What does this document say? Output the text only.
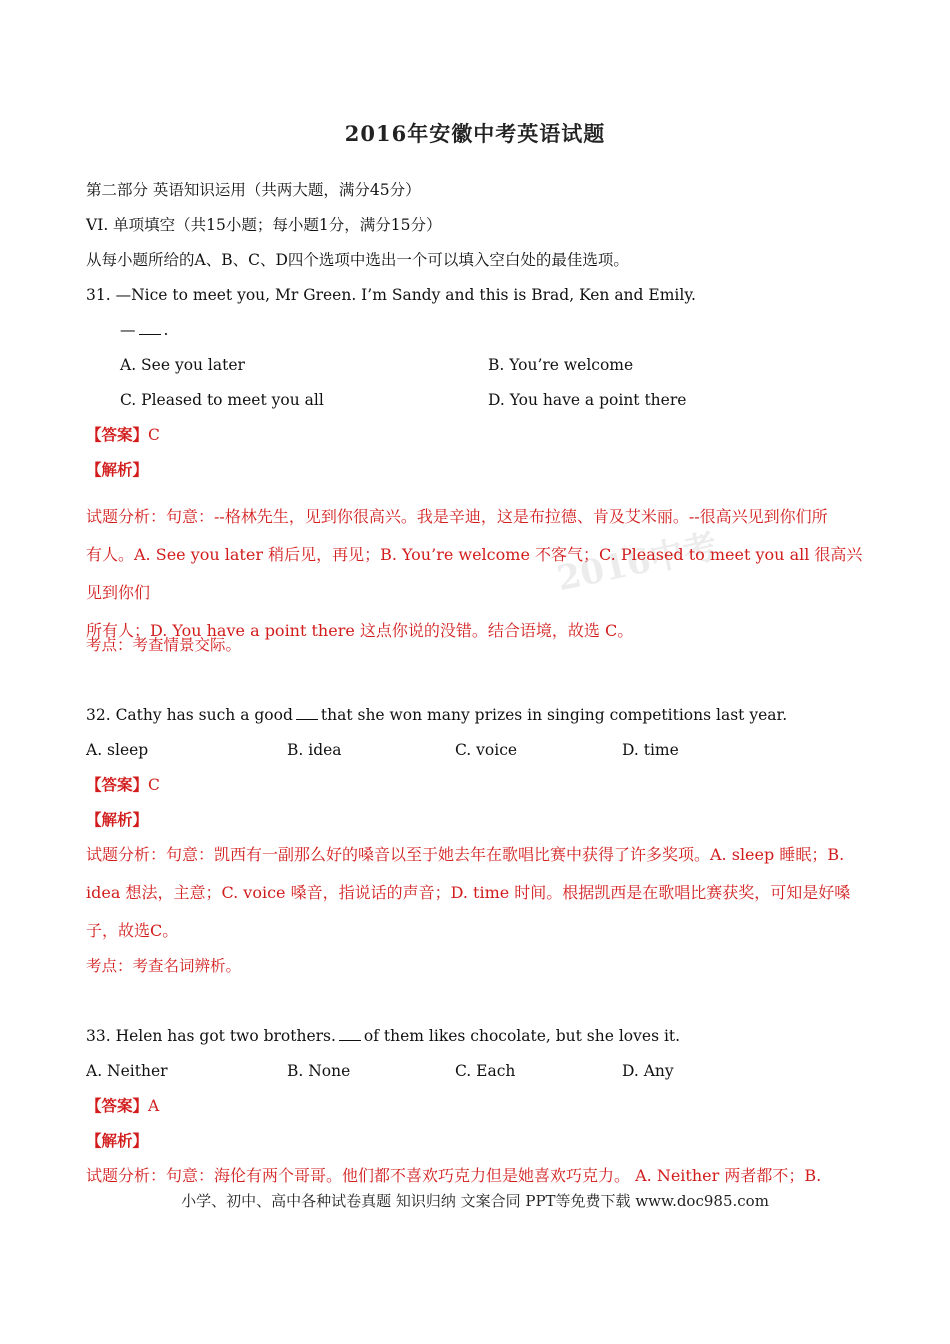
2016中考
2016年安徽中考英语试题
第二部分 英语知识运用（共两大题，满分45分）
VI. 单项填空（共15小题；每小题1分，满分15分）
从每小题所给的A、B、C、D四个选项中选出一个可以填入空白处的最佳选项。
31. —Nice to meet you, Mr Green. I’m Sandy and this is Brad, Ken and Emily.
— .
A. See you later	B. You’re welcome
C. Pleased to meet you all	D. You have a point there
【答案】C
【解析】
试题分析：句意：--格林先生，见到你很高兴。我是辛迪，这是布拉德、肯及艾米丽。--很高兴见到你们所
有人。A. See you later 稍后见，再见；B. You’re welcome 不客气；C. Pleased to meet you all 很高兴见到你们
所有人；D. You have a point there 这点你说的没错。结合语境，故选 C。
考点：考查情景交际。
32. Cathy has such a good that she won many prizes in singing competitions last year.
A. sleep	B. idea	C. voice	D. time
【答案】C
【解析】
试题分析：句意：凯西有一副那么好的嗓音以至于她去年在歌唱比赛中获得了许多奖项。A. sleep 睡眠；B.
idea 想法，主意；C. voice 嗓音，指说话的声音；D. time 时间。根据凯西是在歌唱比赛获奖，可知是好嗓
子，故选C。
考点：考查名词辨析。
33. Helen has got two brothers. of them likes chocolate, but she loves it.
A. Neither	B. None	C. Each	D. Any
【答案】A
【解析】
试题分析：句意：海伦有两个哥哥。他们都不喜欢巧克力但是她喜欢巧克力。 A. Neither 两者都不；B.
小学、初中、高中各种试卷真题 知识归纳 文案合同 PPT等免费下载 www.doc985.com
